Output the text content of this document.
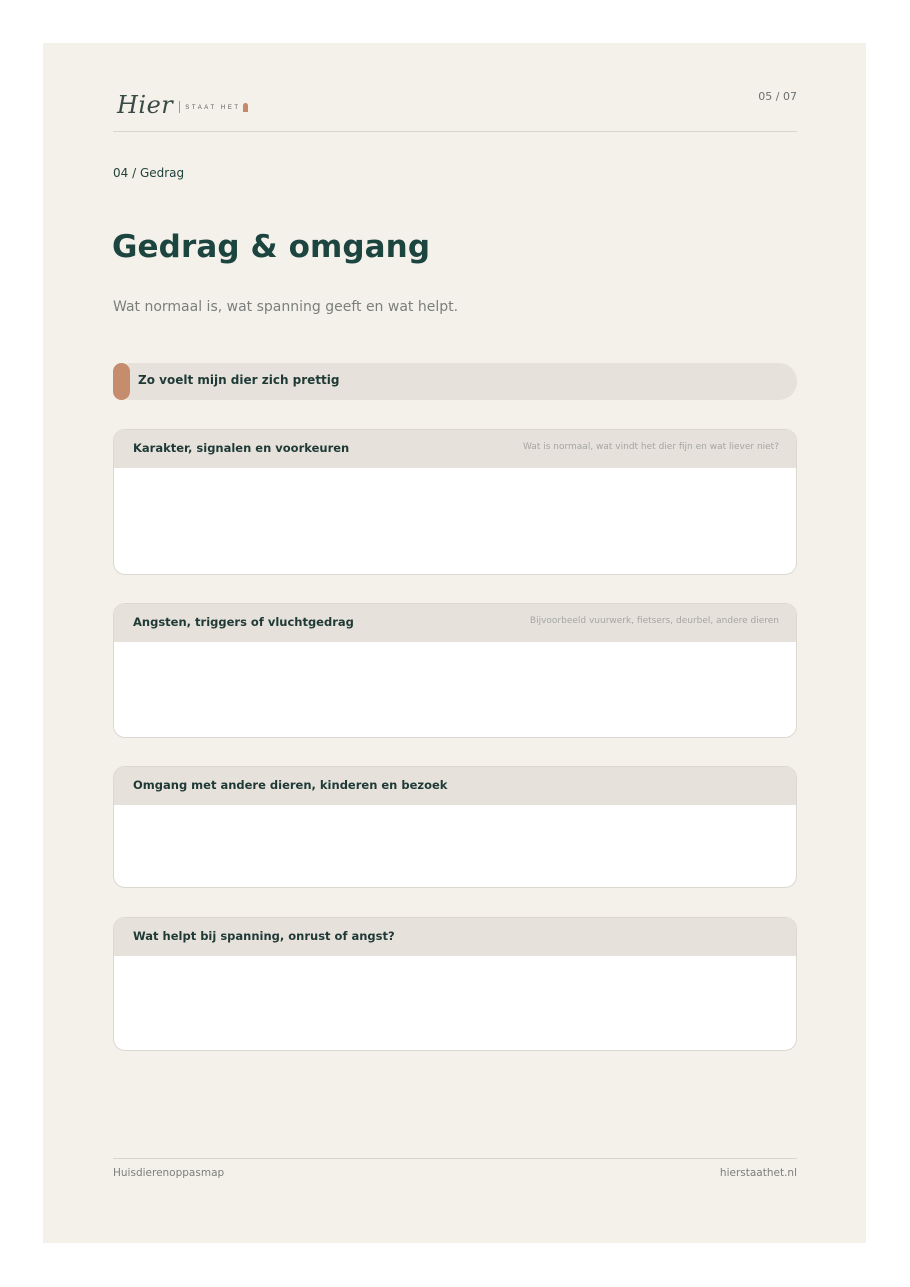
Hier STAAT HET
05 / 07
04 / Gedrag
Gedrag & omgang
Wat normaal is, wat spanning geeft en wat helpt.
Zo voelt mijn dier zich prettig
Karakter, signalen en voorkeuren	Wat is normaal, wat vindt het dier fijn en wat liever niet?
Angsten, triggers of vluchtgedrag	Bijvoorbeeld vuurwerk, fietsers, deurbel, andere dieren
Omgang met andere dieren, kinderen en bezoek
Wat helpt bij spanning, onrust of angst?
Huisdierenoppasmap	hierstaathet.nl
